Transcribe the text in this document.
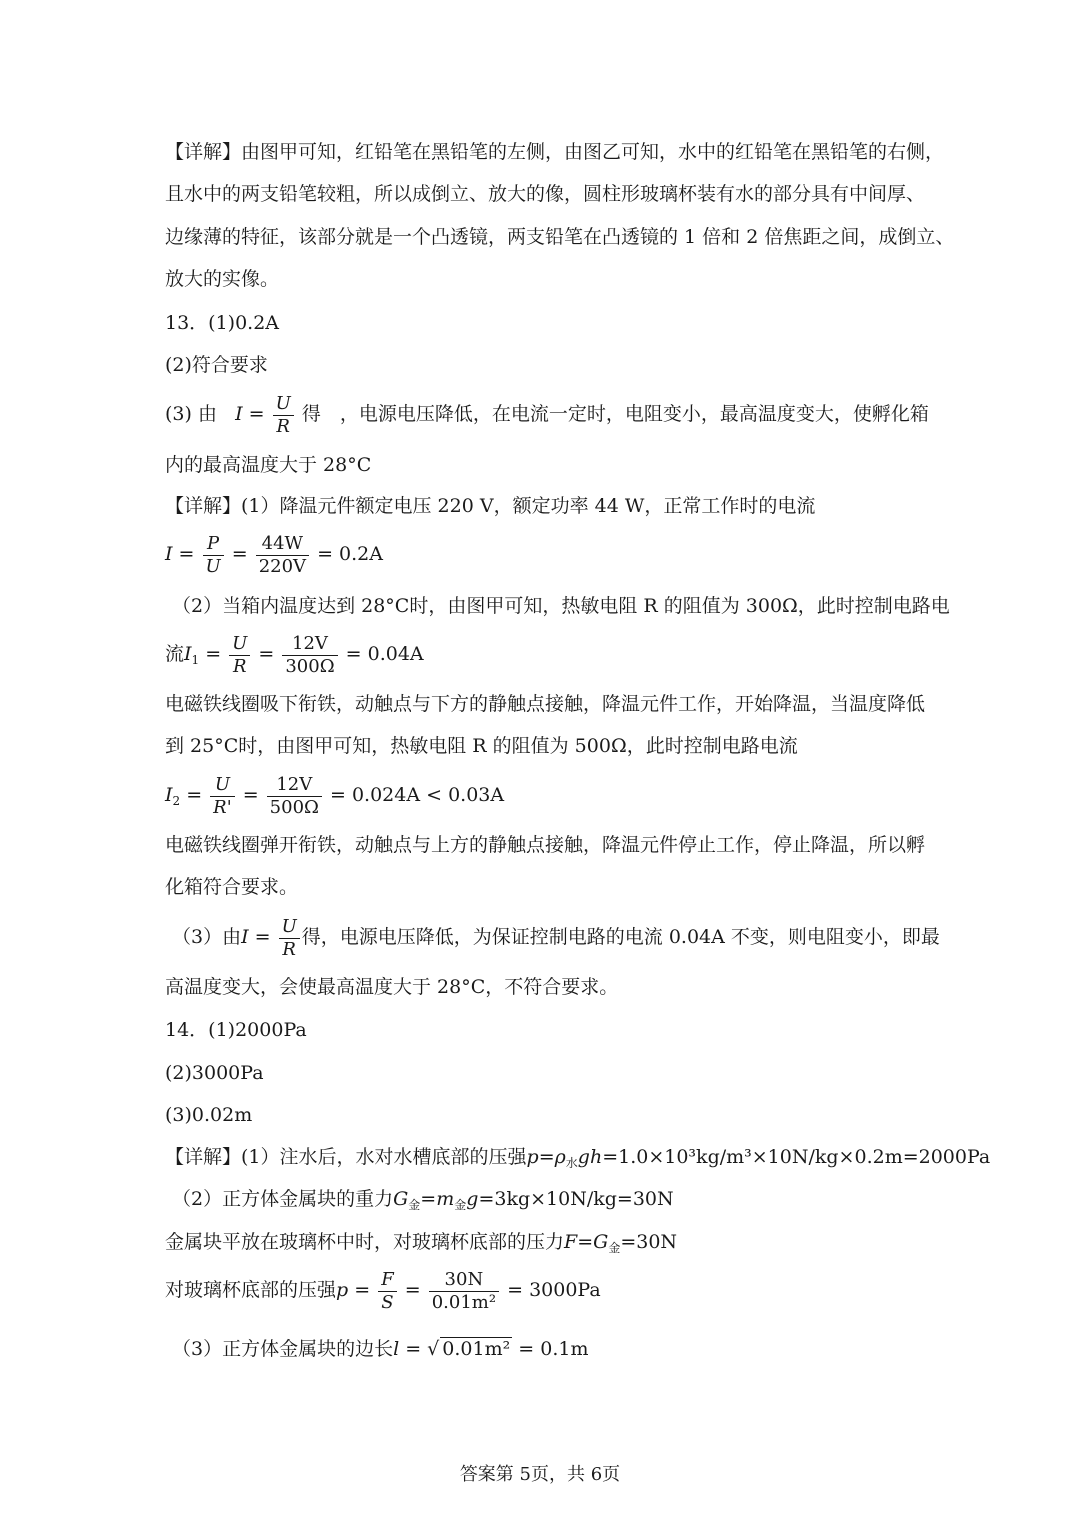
【详解】由图甲可知，红铅笔在黑铅笔的左侧，由图乙可知，水中的红铅笔在黑铅笔的右侧，
且水中的两支铅笔较粗，所以成倒立、放大的像，圆柱形玻璃杯装有水的部分具有中间厚、
边缘薄的特征，该部分就是一个凸透镜，两支铅笔在凸透镜的 1 倍和 2 倍焦距之间，成倒立、
放大的实像。
13．(1)0.2A
(2)符合要求
(3) 由 $I = \frac{U}{R}$ 得　，电源电压降低，在电流一定时，电阻变小，最高温度变大，使孵化箱
内的最高温度大于 28°C
【详解】(1）降温元件额定电压 220 V，额定功率 44 W，正常工作时的电流
$I = \frac{P}{U} = \frac{44W}{220V} = 0.2A$
（2）当箱内温度达到 28°C时，由图甲可知，热敏电阻 R 的阻值为 300Ω，此时控制电路电
流$I_1 = \frac{U}{R} = \frac{12V}{300\Omega} = 0.04A$
电磁铁线圈吸下衔铁，动触点与下方的静触点接触，降温元件工作，开始降温，当温度降低
到 25°C时，由图甲可知，热敏电阻 R 的阻值为 500Ω，此时控制电路电流
$I_2 = \frac{U}{R'} = \frac{12V}{500\Omega} = 0.024A < 0.03A$
电磁铁线圈弹开衔铁，动触点与上方的静触点接触，降温元件停止工作，停止降温，所以孵
化箱符合要求。
（3）由$I = \frac{U}{R}$ 得，电源电压降低，为保证控制电路的电流 0.04A 不变，则电阻变小，即最
高温度变大，会使最高温度大于 28°C，不符合要求。
14．(1)2000Pa
(2)3000Pa
(3)0.02m
【详解】(1）注水后，水对水槽底部的压强$p=\rho_水gh=1.0\times 10^3kg/m^3\times 10N/kg\times 0.2m=2000Pa$
（2）正方体金属块的重力$G_金=m_金g=3kg\times 10N/kg=30N$
金属块平放在玻璃杯中时，对玻璃杯底部的压力$F=G_金=30N$
对玻璃杯底部的压强$p = \frac{F}{S} = \frac{30N}{\text{0.01m²}} = 3000Pa$
（3）正方体金属块的边长l = √ 0.01m² = 0.1m
答案第 5页，共 6页
